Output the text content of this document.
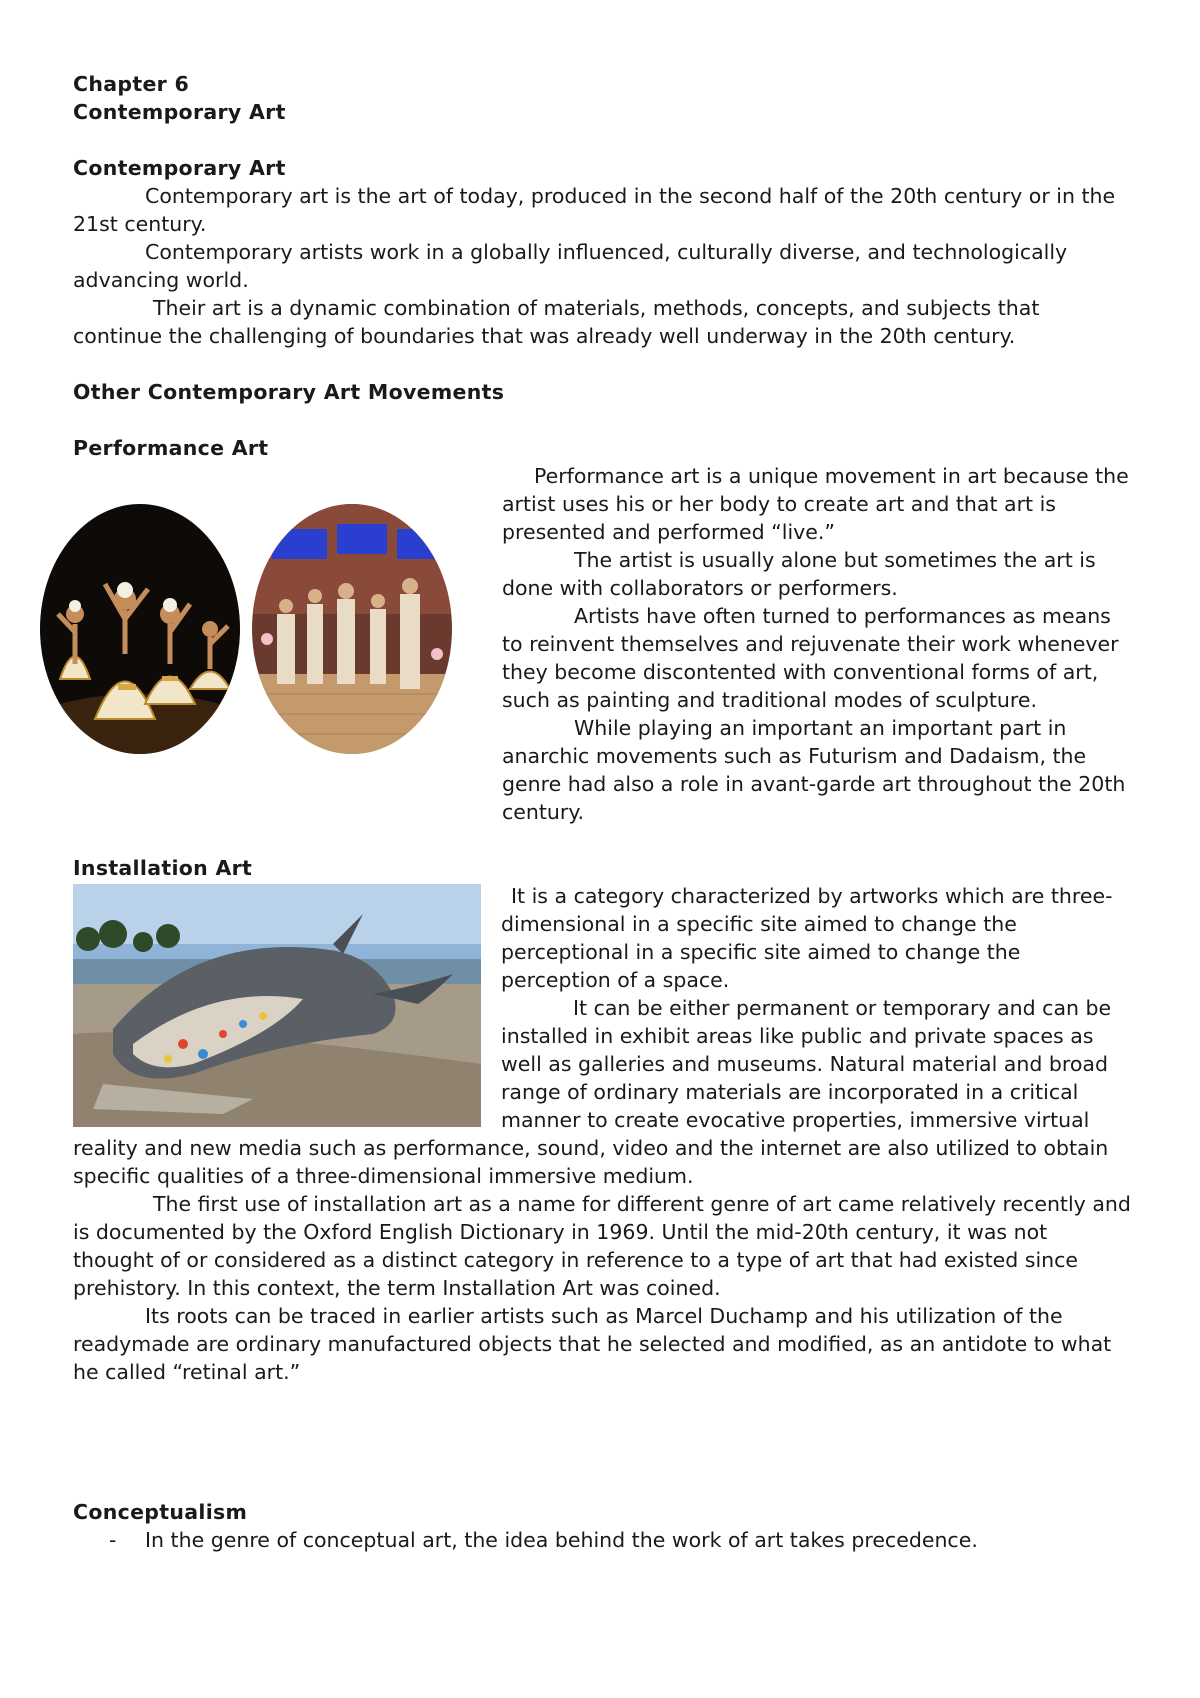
Chapter 6

Contemporary Art

Contemporary Art

Contemporary art is the art of today, produced in the second half of the 20th century or in the 21st century.

Contemporary artists work in a globally influenced, culturally diverse, and technologically advancing world.

Their art is a dynamic combination of materials, methods, concepts, and subjects that continue the challenging of boundaries that was already well underway in the 20th century.

Other Contemporary Art Movements

Performance Art

Performance art is a unique movement in art because the artist uses his or her body to create art and that art is presented and performed “live.”

The artist is usually alone but sometimes the art is done with collaborators or performers.

Artists have often turned to performances as means to reinvent themselves and rejuvenate their work whenever they become discontented with conventional forms of art, such as painting and traditional modes of sculpture.

While playing an important an important part in anarchic movements such as Futurism and Dadaism, the genre had also a role in avant-garde art throughout the 20th century.

Installation Art

It is a category characterized by artworks which are three-dimensional in a specific site aimed to change the perceptional in a specific site aimed to change the perception of a space.

It can be either permanent or temporary and can be installed in exhibit areas like public and private spaces as well as galleries and museums. Natural material and broad range of ordinary materials are incorporated in a critical manner to create evocative properties, immersive virtual reality and new media such as performance, sound, video and the internet are also utilized to obtain specific qualities of a three-dimensional immersive medium.

The first use of installation art as a name for different genre of art came relatively recently and is documented by the Oxford English Dictionary in 1969. Until the mid-20th century, it was not thought of or considered as a distinct category in reference to a type of art that had existed since prehistory. In this context, the term Installation Art was coined.

Its roots can be traced in earlier artists such as Marcel Duchamp and his utilization of the readymade are ordinary manufactured objects that he selected and modified, as an antidote to what he called “retinal art.”

Conceptualism

-	In the genre of conceptual art, the idea behind the work of art takes precedence.
